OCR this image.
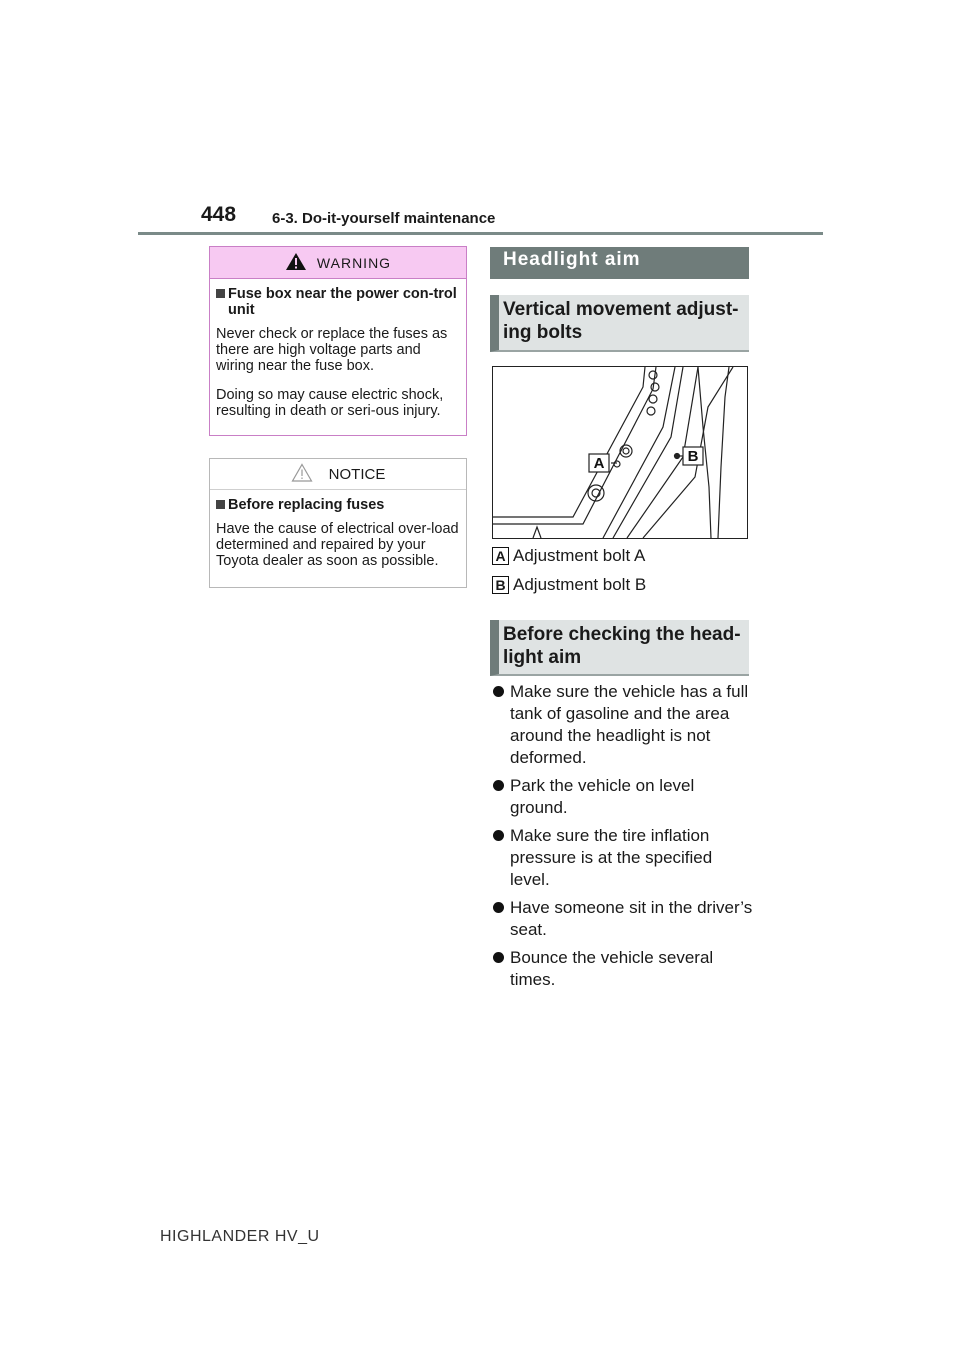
448 6-3. Do-it-yourself maintenance
WARNING
Fuse box near the power con-trol unit
Never check or replace the fuses as there are high voltage parts and wiring near the fuse box.
Doing so may cause electric shock, resulting in death or seri-ous injury.
NOTICE
Before replacing fuses
Have the cause of electrical over-load determined and repaired by your Toyota dealer as soon as possible.
Headlight aim
Vertical movement adjust-ing bolts
A	B
A Adjustment bolt A
B Adjustment bolt B
Before checking the head-light aim
Make sure the vehicle has a full tank of gasoline and the area around the headlight is not deformed.
Park the vehicle on level ground.
Make sure the tire inflation pressure is at the specified level.
Have someone sit in the driver’s seat.
Bounce the vehicle several times.
HIGHLANDER HV_U
